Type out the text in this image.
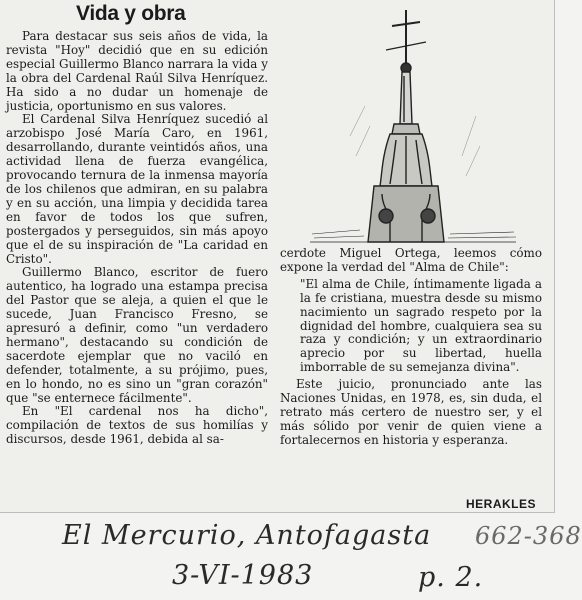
Vida y obra

Para destacar sus seis años de vida, la revista "Hoy" decidió que en su edición especial Guillermo Blanco narrara la vida y la obra del Cardenal Raúl Silva Henríquez. Ha sido a no dudar un homenaje de justicia, oportunismo en sus valores.

El Cardenal Silva Henríquez sucedió al arzobispo José María Caro, en 1961, desarrollando, durante veintidós años, una actividad llena de fuerza evangélica, provocando ternura de la inmensa mayoría de los chilenos que admiran, en su palabra y en su acción, una limpia y decidida tarea en favor de todos los que sufren, postergados y perseguidos, sin más apoyo que el de su inspiración de "La caridad en Cristo".

Guillermo Blanco, escritor de fuero autentico, ha logrado una estampa precisa del Pastor que se aleja, a quien el que le sucede, Juan Francisco Fresno, se apresuró a definir, como "un verdadero hermano", destacando su condición de sacerdote ejemplar que no vaciló en defender, totalmente, a su prójimo, pues, en lo hondo, no es sino un "gran corazón" que "se enternece fácilmente".

En "El cardenal nos ha dicho", compilación de textos de sus homilías y discursos, desde 1961, debida al sa-

cerdote Miguel Ortega, leemos cómo expone la verdad del "Alma de Chile":

"El alma de Chile, íntimamente ligada a la fe cristiana, muestra desde su mismo nacimiento un sagrado respeto por la dignidad del hombre, cualquiera sea su raza y condición; y un extraordinario aprecio por su libertad, huella imborrable de su semejanza divina".

Este juicio, pronunciado ante las Naciones Unidas, en 1978, es, sin duda, el retrato más certero de nuestro ser, y el más sólido por venir de quien viene a fortalecernos en historia y esperanza.

HERAKLES
El Mercurio, Antofagasta 662-368
3-VI-1983	p. 2.
